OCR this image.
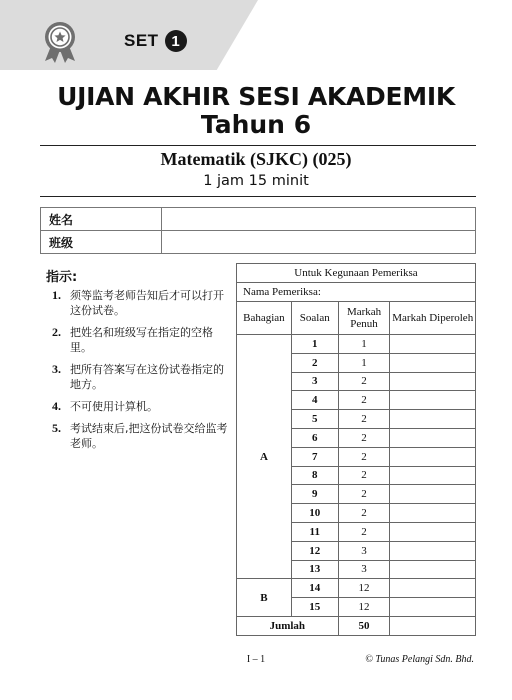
SET 1
UJIAN AKHIR SESI AKADEMIK
Tahun 6
Matematik (SJKC) (025)
1 jam 15 minit
姓名	
班级	
指示:
1. 须等监考老师告知后才可以打开这份试卷。
2. 把姓名和班级写在指定的空格里。
3. 把所有答案写在这份试卷指定的地方。
4. 不可使用计算机。
5. 考试结束后,把这份试卷交给监考老师。
Untuk Kegunaan Pemeriksa			
Nama Pemeriksa:			
Bahagian	Soalan	Markah Penuh	Markah Diperoleh
A	1	1	
	2	1	
	3	2	
	4	2	
	5	2	
	6	2	
	7	2	
	8	2	
	9	2	
	10	2	
	11	2	
	12	3	
	13	3	
B	14	12	
	15	12	
Jumlah		50	
I – 1	© Tunas Pelangi Sdn. Bhd.
